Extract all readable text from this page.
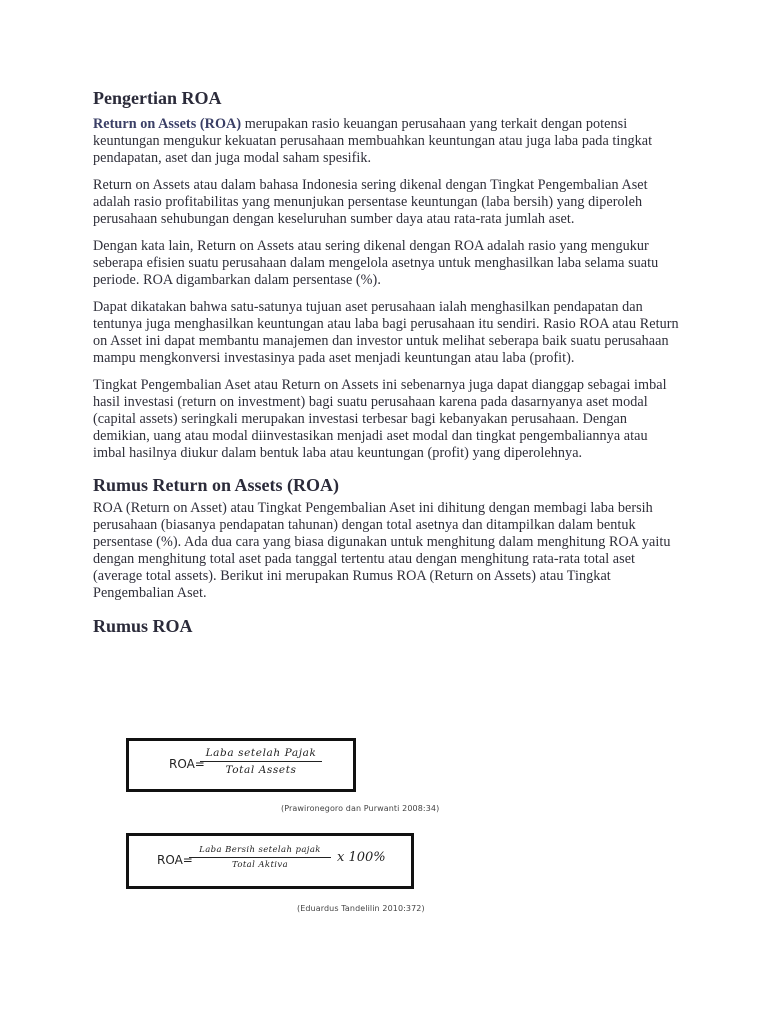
Pengertian ROA

Return on Assets (ROA) merupakan rasio keuangan perusahaan yang terkait dengan potensi keuntungan mengukur kekuatan perusahaan membuahkan keuntungan atau juga laba pada tingkat pendapatan, aset dan juga modal saham spesifik.

Return on Assets atau dalam bahasa Indonesia sering dikenal dengan Tingkat Pengembalian Aset adalah rasio profitabilitas yang menunjukan persentase keuntungan (laba bersih) yang diperoleh perusahaan sehubungan dengan keseluruhan sumber daya atau rata-rata jumlah aset.

Dengan kata lain, Return on Assets atau sering dikenal dengan ROA adalah rasio yang mengukur seberapa efisien suatu perusahaan dalam mengelola asetnya untuk menghasilkan laba selama suatu periode. ROA digambarkan dalam persentase (%).

Dapat dikatakan bahwa satu-satunya tujuan aset perusahaan ialah menghasilkan pendapatan dan tentunya juga menghasilkan keuntungan atau laba bagi perusahaan itu sendiri. Rasio ROA atau Return on Asset ini dapat membantu manajemen dan investor untuk melihat seberapa baik suatu perusahaan mampu mengkonversi investasinya pada aset menjadi keuntungan atau laba (profit).

Tingkat Pengembalian Aset atau Return on Assets ini sebenarnya juga dapat dianggap sebagai imbal hasil investasi (return on investment) bagi suatu perusahaan karena pada dasarnyanya aset modal (capital assets) seringkali merupakan investasi terbesar bagi kebanyakan perusahaan. Dengan demikian, uang atau modal diinvestasikan menjadi aset modal dan tingkat pengembaliannya atau imbal hasilnya diukur dalam bentuk laba atau keuntungan (profit) yang diperolehnya.

Rumus Return on Assets (ROA)

ROA (Return on Asset) atau Tingkat Pengembalian Aset ini dihitung dengan membagi laba bersih perusahaan (biasanya pendapatan tahunan) dengan total asetnya dan ditampilkan dalam bentuk persentase (%). Ada dua cara yang biasa digunakan untuk menghitung dalam menghitung ROA yaitu dengan menghitung total aset pada tanggal tertentu atau dengan menghitung rata-rata total aset (average total assets). Berikut ini merupakan Rumus ROA (Return on Assets) atau Tingkat Pengembalian Aset.

Rumus ROA
ROA=
Laba setelah Pajak
Total Assets
(Prawironegoro dan Purwanti 2008:34)
ROA=
Laba Bersih setelah pajak
Total Aktiva	x 100%
(Eduardus Tandelilin 2010:372)
